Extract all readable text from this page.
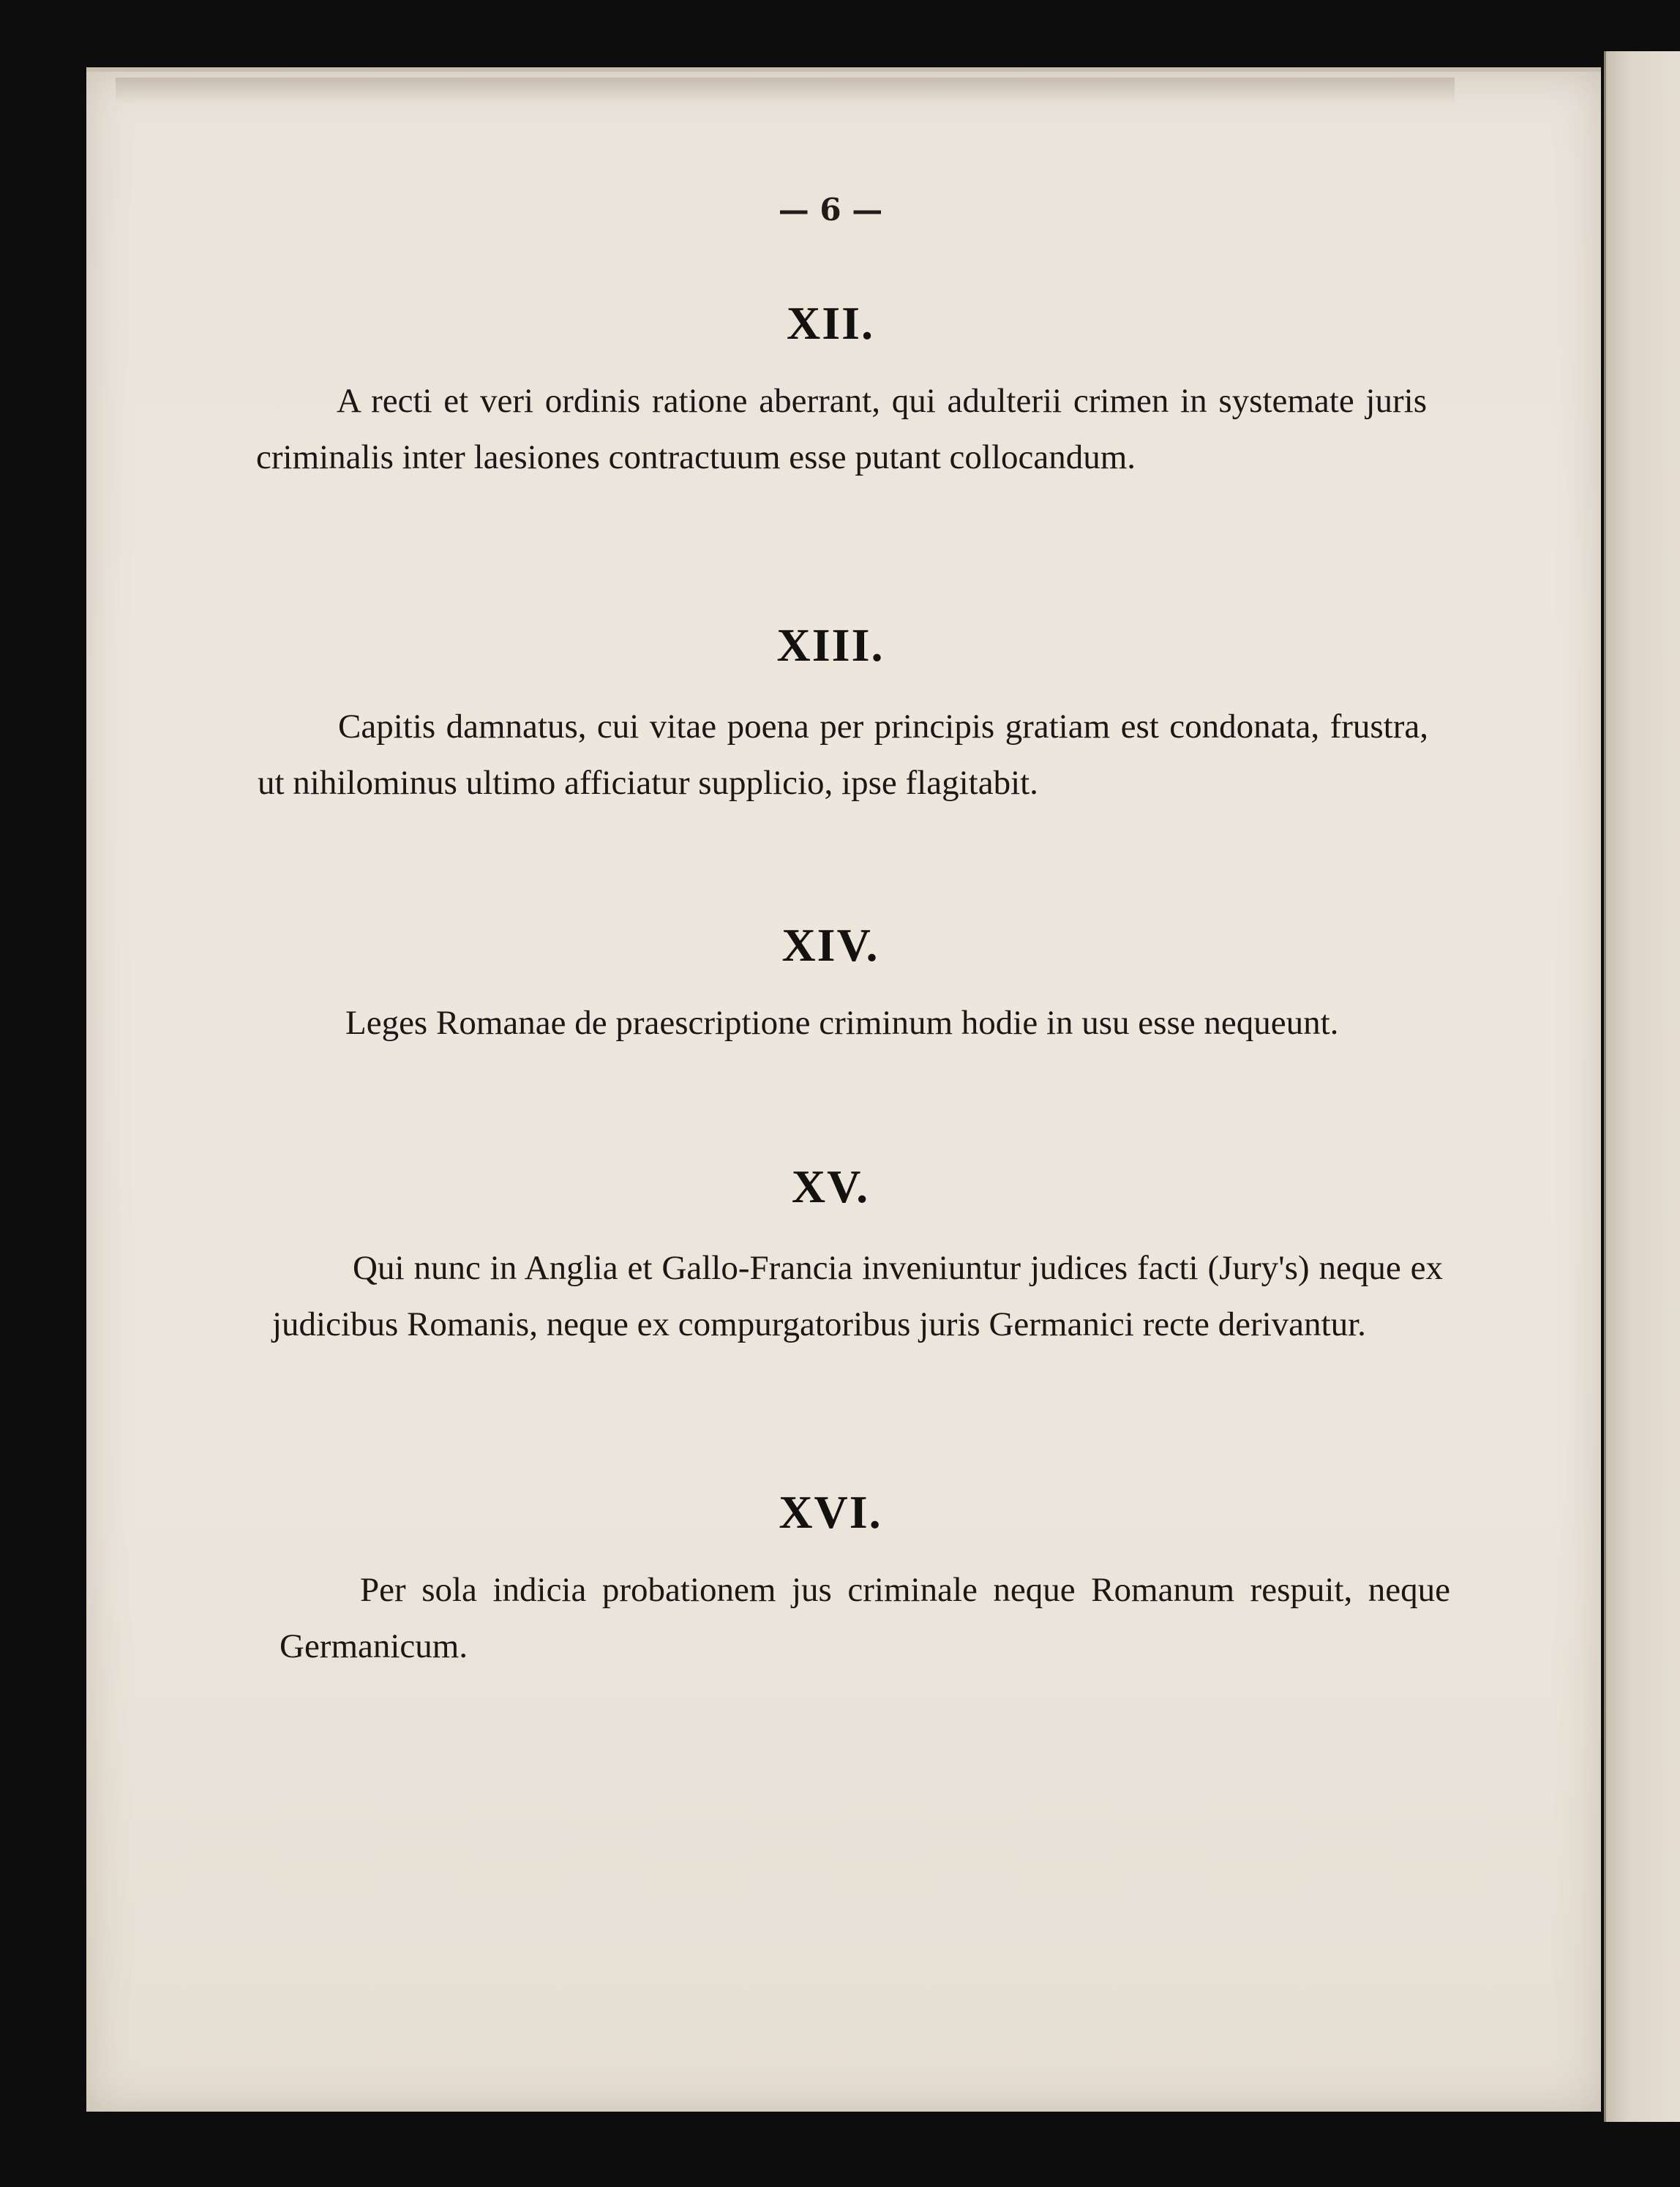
— 6 —
XII.
A recti et veri ordinis ratione aberrant, qui adulterii crimen in systemate juris criminalis inter laesiones contractuum esse putant collocandum.
XIII.
Capitis damnatus, cui vitae poena per principis gratiam est condonata, frustra, ut nihilominus ultimo afficiatur supplicio, ipse flagitabit.
XIV.
Leges Romanae de praescriptione criminum hodie in usu esse nequeunt.
XV.
Qui nunc in Anglia et Gallo-Francia inveniuntur judices facti (Jury's) neque ex judicibus Romanis, neque ex compurgatoribus juris Germanici recte derivantur.
XVI.
Per sola indicia probationem jus criminale neque Romanum respuit, neque Germanicum.
